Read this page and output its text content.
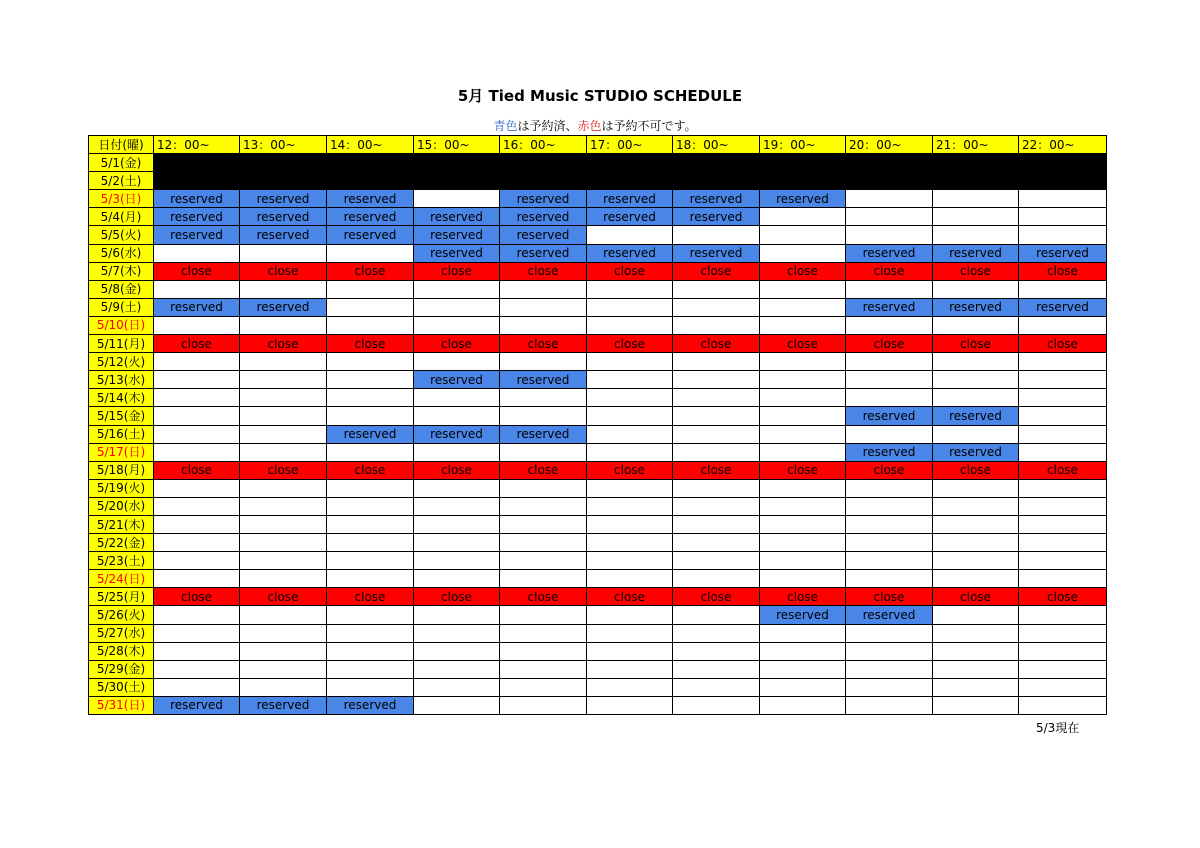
5月 Tied Music STUDIO SCHEDULE
青色は予約済、赤色は予約不可です。
日付(曜)	12：00~	13：00~	14：00~	15：00~	16：00~	17：00~	18：00~	19：00~	20：00~	21：00~	22：00~
5/1(金)											
5/2(土)											
5/3(日)	reserved	reserved	reserved		reserved	reserved	reserved	reserved			
5/4(月)	reserved	reserved	reserved	reserved	reserved	reserved	reserved				
5/5(火)	reserved	reserved	reserved	reserved	reserved						
5/6(水)				reserved	reserved	reserved	reserved		reserved	reserved	reserved
5/7(木)	close	close	close	close	close	close	close	close	close	close	close
5/8(金)											
5/9(土)	reserved	reserved							reserved	reserved	reserved
5/10(日)											
5/11(月)	close	close	close	close	close	close	close	close	close	close	close
5/12(火)											
5/13(水)				reserved	reserved						
5/14(木)											
5/15(金)									reserved	reserved	
5/16(土)			reserved	reserved	reserved						
5/17(日)									reserved	reserved	
5/18(月)	close	close	close	close	close	close	close	close	close	close	close
5/19(火)											
5/20(水)											
5/21(木)											
5/22(金)											
5/23(土)											
5/24(日)											
5/25(月)	close	close	close	close	close	close	close	close	close	close	close
5/26(火)								reserved	reserved		
5/27(水)											
5/28(木)											
5/29(金)											
5/30(土)											
5/31(日)	reserved	reserved	reserved								
5/3現在
